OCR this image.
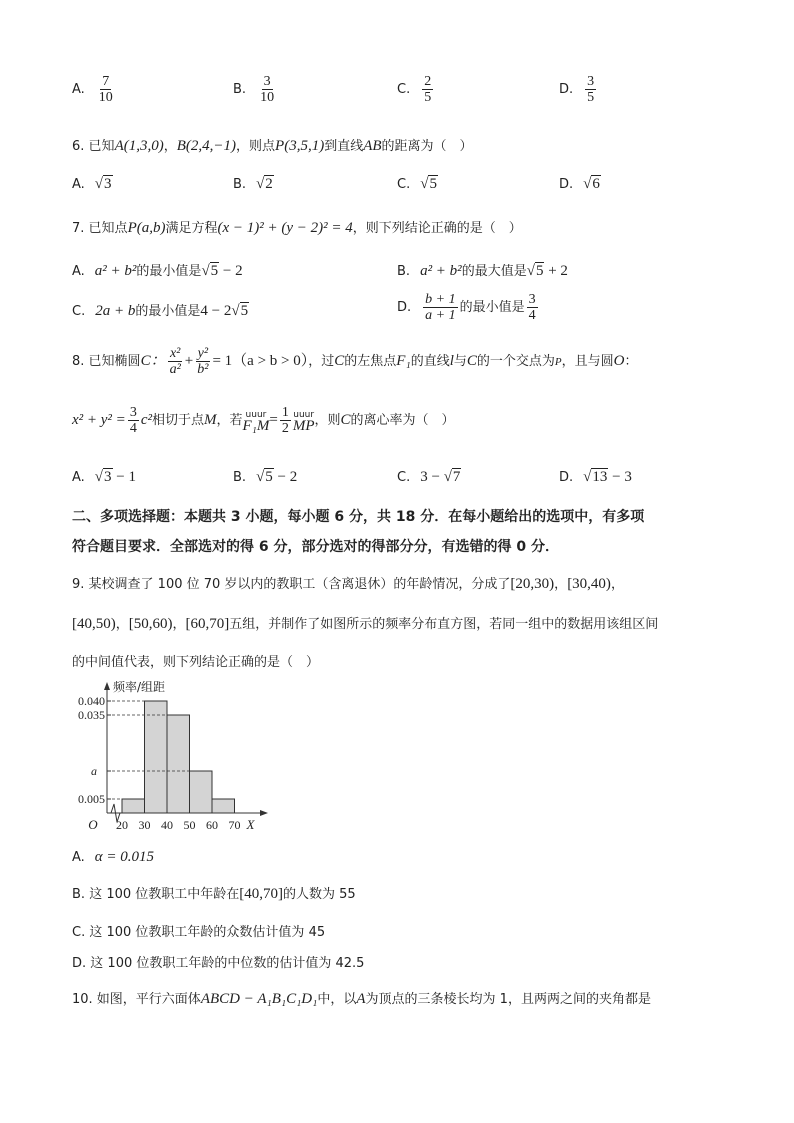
A. $\frac{7}{10}$	B. $\frac{3}{10}$	C. $\frac{2}{5}$	D. $\frac{3}{5}$
6. 已知A(1,3,0)，B(2,4,−1)，则点P(3,5,1)到直线AB的距离为（　）
A. √3	B. √2	C. √5	D. √6
7. 已知点P(a,b)满足方程(x − 1)² + (y − 2)² = 4，则下列结论正确的是（　）
A. a² + b²的最小值是√5 − 2	B. a² + b²的最大值是√5 + 2
C. 2a + b的最小值是4 − 2√5	D. $\frac{b + 1}{a + 1}$ 的最小值是 $\frac{3}{4}$
8. 已知椭圆C： $\frac{\text{x²}}{\text{a²}} + \frac{\text{y²}}{\text{b²}} = 1(a > b > 0)$，过C的左焦点F₁的直线l与C的一个交点为P，且与圆O：
$x^2 + y^2 = \frac{3}{4} c^2$相切于点M，若 uuur
$F_1M = \frac{1}{2}$ uuur
MP ，则C的离心率为（　）
A. √3 − 1	B. √5 − 2	C. 3 − √7	D. √13 − 3
二、多项选择题：本题共 3 小题，每小题 6 分，共 18 分．在每小题给出的选项中，有多项
符合题目要求．全部选对的得 6 分，部分选对的得部分分，有选错的得 0 分．
9. 某校调查了 100 位 70 岁以内的教职工（含离退休）的年龄情况，分成了[20,30)，[30,40)，
[40,50)，[50,60)，[60,70]五组，并制作了如图所示的频率分布直方图，若同一组中的数据用该组区间
的中间值代表，则下列结论正确的是（　）
0.005
a
0.035
0.040
20 30 40 50 60 70
O	X
频率/组距
A. α = 0.015
B. 这 100 位教职工中年龄在[40,70]的人数为 55
C. 这 100 位教职工年龄的众数估计值为 45
D. 这 100 位教职工年龄的中位数的估计值为 42.5
10. 如图，平行六面体ABCD − A₁B₁C₁D₁中，以A为顶点的三条棱长均为 1，且两两之间的夹角都是
